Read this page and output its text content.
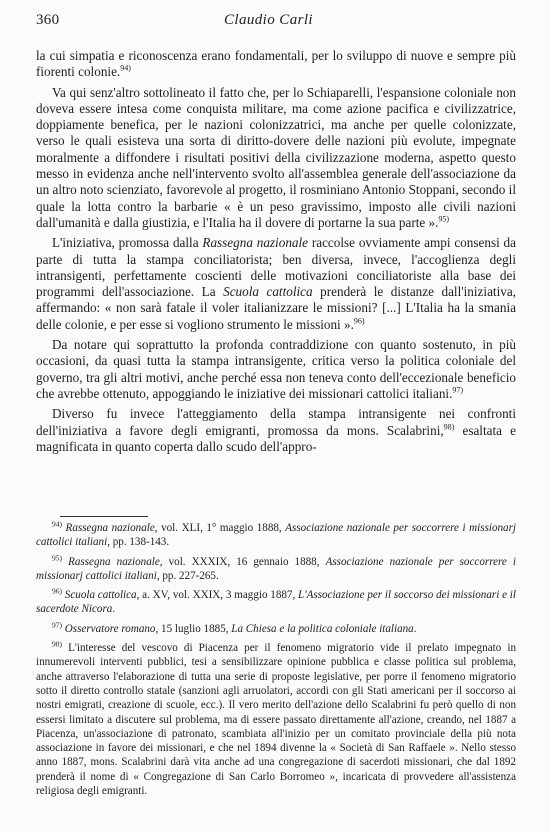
360	Claudio Carli

la cui simpatia e riconoscenza erano fondamentali, per lo sviluppo di nuove e sempre più fiorenti colonie.$^{94)}$

Va qui senz'altro sottolineato il fatto che, per lo Schiaparelli, l'espansione coloniale non doveva essere intesa come conquista militare, ma come azione pacifica e civilizzatrice, doppiamente benefica, per le nazioni colonizzatrici, ma anche per quelle colonizzate, verso le quali esisteva una sorta di diritto-dovere delle nazioni più evolute, impegnate moralmente a diffondere i risultati positivi della civilizzazione moderna, aspetto questo messo in evidenza anche nell'intervento svolto all'assemblea generale dell'associazione da un altro noto scienziato, favorevole al progetto, il rosminiano Antonio Stoppani, secondo il quale la lotta contro la barbarie « è un peso gravissimo, imposto alle civili nazioni dall'umanità e dalla giustizia, e l'Italia ha il dovere di portarne la sua parte ».$^{95)}$

L'iniziativa, promossa dalla Rassegna nazionale raccolse ovviamente ampi consensi da parte di tutta la stampa conciliatorista; ben diversa, invece, l'accoglienza degli intransigenti, perfettamente coscienti delle motivazioni conciliatoriste alla base dei programmi dell'associazione. La Scuola cattolica prenderà le distanze dall'iniziativa, affermando: « non sarà fatale il voler italianizzare le missioni? [...] L'Italia ha la smania delle colonie, e per esse si vogliono strumento le missioni ».$^{96)}$

Da notare qui soprattutto la profonda contraddizione con quanto sostenuto, in più occasioni, da quasi tutta la stampa intransigente, critica verso la politica coloniale del governo, tra gli altri motivi, anche perché essa non teneva conto dell'eccezionale beneficio che avrebbe ottenuto, appoggiando le iniziative dei missionari cattolici italiani.$^{97)}$

Diverso fu invece l'atteggiamento della stampa intransigente nei confronti dell'iniziativa a favore degli emigranti, promossa da mons. Scalabrini,$^{98)}$ esaltata e magnificata in quanto coperta dallo scudo dell'appro-

$^{94)}$ Rassegna nazionale, vol. XLI, 1° maggio 1888, Associazione nazionale per soccorrere i missionarj cattolici italiani, pp. 138-143.

$^{95)}$ Rassegna nazionale, vol. XXXIX, 16 gennaio 1888, Associazione nazionale per soccorrere i missionarj cattolici italiani, pp. 227-265.

$^{96)}$ Scuola cattolica, a. XV, vol. XXIX, 3 maggio 1887, L'Associazione per il soccorso dei missionari e il sacerdote Nicora.

$^{97)}$ Osservatore romano, 15 luglio 1885, La Chiesa e la politica coloniale italiana.

$^{98)}$ L'interesse del vescovo di Piacenza per il fenomeno migratorio vide il prelato impegnato in innumerevoli interventi pubblici, tesi a sensibilizzare opinione pubblica e classe politica sul problema, anche attraverso l'elaborazione di tutta una serie di proposte legislative, per porre il fenomeno migratorio sotto il diretto controllo statale (sanzioni agli arruolatori, accordi con gli Stati americani per il soccorso ai nostri emigrati, creazione di scuole, ecc.). Il vero merito dell'azione dello Scalabrini fu però quello di non essersi limitato a discutere sul problema, ma di essere passato direttamente all'azione, creando, nel 1887 a Piacenza, un'associazione di patronato, scambiata all'inizio per un comitato provinciale della più nota associazione in favore dei missionari, e che nel 1894 divenne la « Società di San Raffaele ». Nello stesso anno 1887, mons. Scalabrini darà vita anche ad una congregazione di sacerdoti missionari, che dal 1892 prenderà il nome di « Congregazione di San Carlo Borromeo », incaricata di provvedere all'assistenza religiosa degli emigranti.
